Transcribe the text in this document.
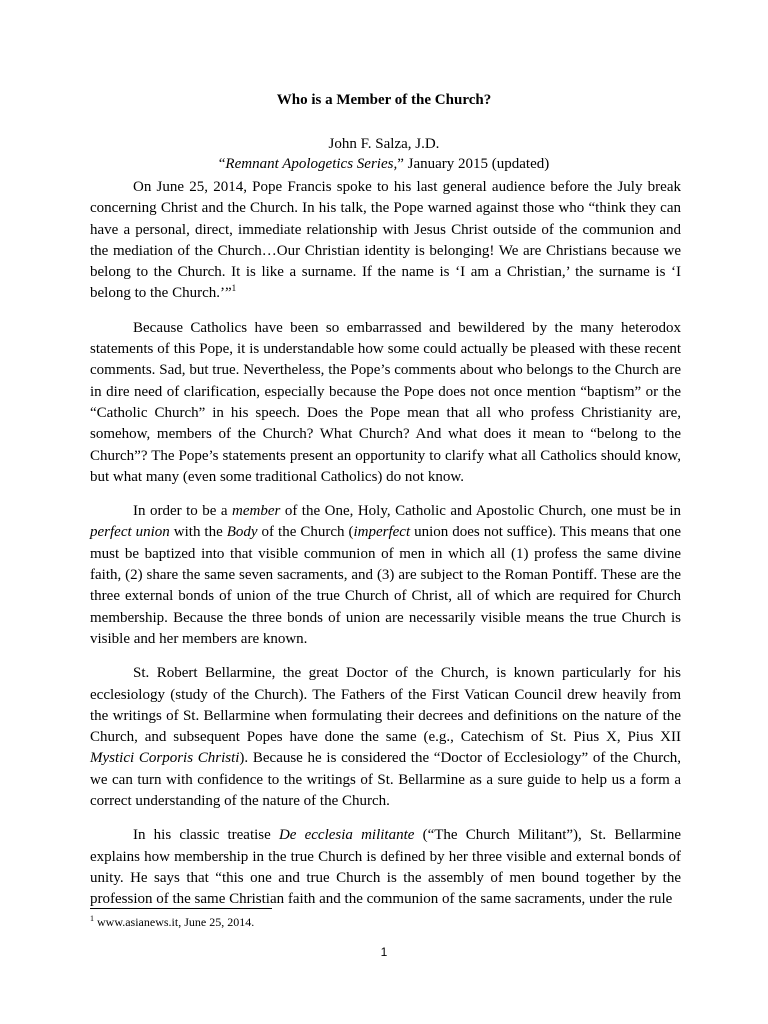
Who is a Member of the Church?
John F. Salza, J.D.
“Remnant Apologetics Series,” January 2015 (updated)

On June 25, 2014, Pope Francis spoke to his last general audience before the July break concerning Christ and the Church. In his talk, the Pope warned against those who “think they can have a personal, direct, immediate relationship with Jesus Christ outside of the communion and the mediation of the Church…Our Christian identity is belonging! We are Christians because we belong to the Church. It is like a surname. If the name is ‘I am a Christian,’ the surname is ‘I belong to the Church.’”$^1$

Because Catholics have been so embarrassed and bewildered by the many heterodox statements of this Pope, it is understandable how some could actually be pleased with these recent comments. Sad, but true. Nevertheless, the Pope’s comments about who belongs to the Church are in dire need of clarification, especially because the Pope does not once mention “baptism” or the “Catholic Church” in his speech. Does the Pope mean that all who profess Christianity are, somehow, members of the Church? What Church? And what does it mean to “belong to the Church”? The Pope’s statements present an opportunity to clarify what all Catholics should know, but what many (even some traditional Catholics) do not know.

In order to be a member of the One, Holy, Catholic and Apostolic Church, one must be in perfect union with the Body of the Church (imperfect union does not suffice). This means that one must be baptized into that visible communion of men in which all (1) profess the same divine faith, (2) share the same seven sacraments, and (3) are subject to the Roman Pontiff. These are the three external bonds of union of the true Church of Christ, all of which are required for Church membership. Because the three bonds of union are necessarily visible means the true Church is visible and her members are known.

St. Robert Bellarmine, the great Doctor of the Church, is known particularly for his ecclesiology (study of the Church). The Fathers of the First Vatican Council drew heavily from the writings of St. Bellarmine when formulating their decrees and definitions on the nature of the Church, and subsequent Popes have done the same (e.g., Catechism of St. Pius X, Pius XII Mystici Corporis Christi). Because he is considered the “Doctor of Ecclesiology” of the Church, we can turn with confidence to the writings of St. Bellarmine as a sure guide to help us a form a correct understanding of the nature of the Church.

In his classic treatise De ecclesia militante (“The Church Militant”), St. Bellarmine explains how membership in the true Church is defined by her three visible and external bonds of unity. He says that “this one and true Church is the assembly of men bound together by the profession of the same Christian faith and the communion of the same sacraments, under the rule

$^1$ www.asianews.it, June 25, 2014.
1
